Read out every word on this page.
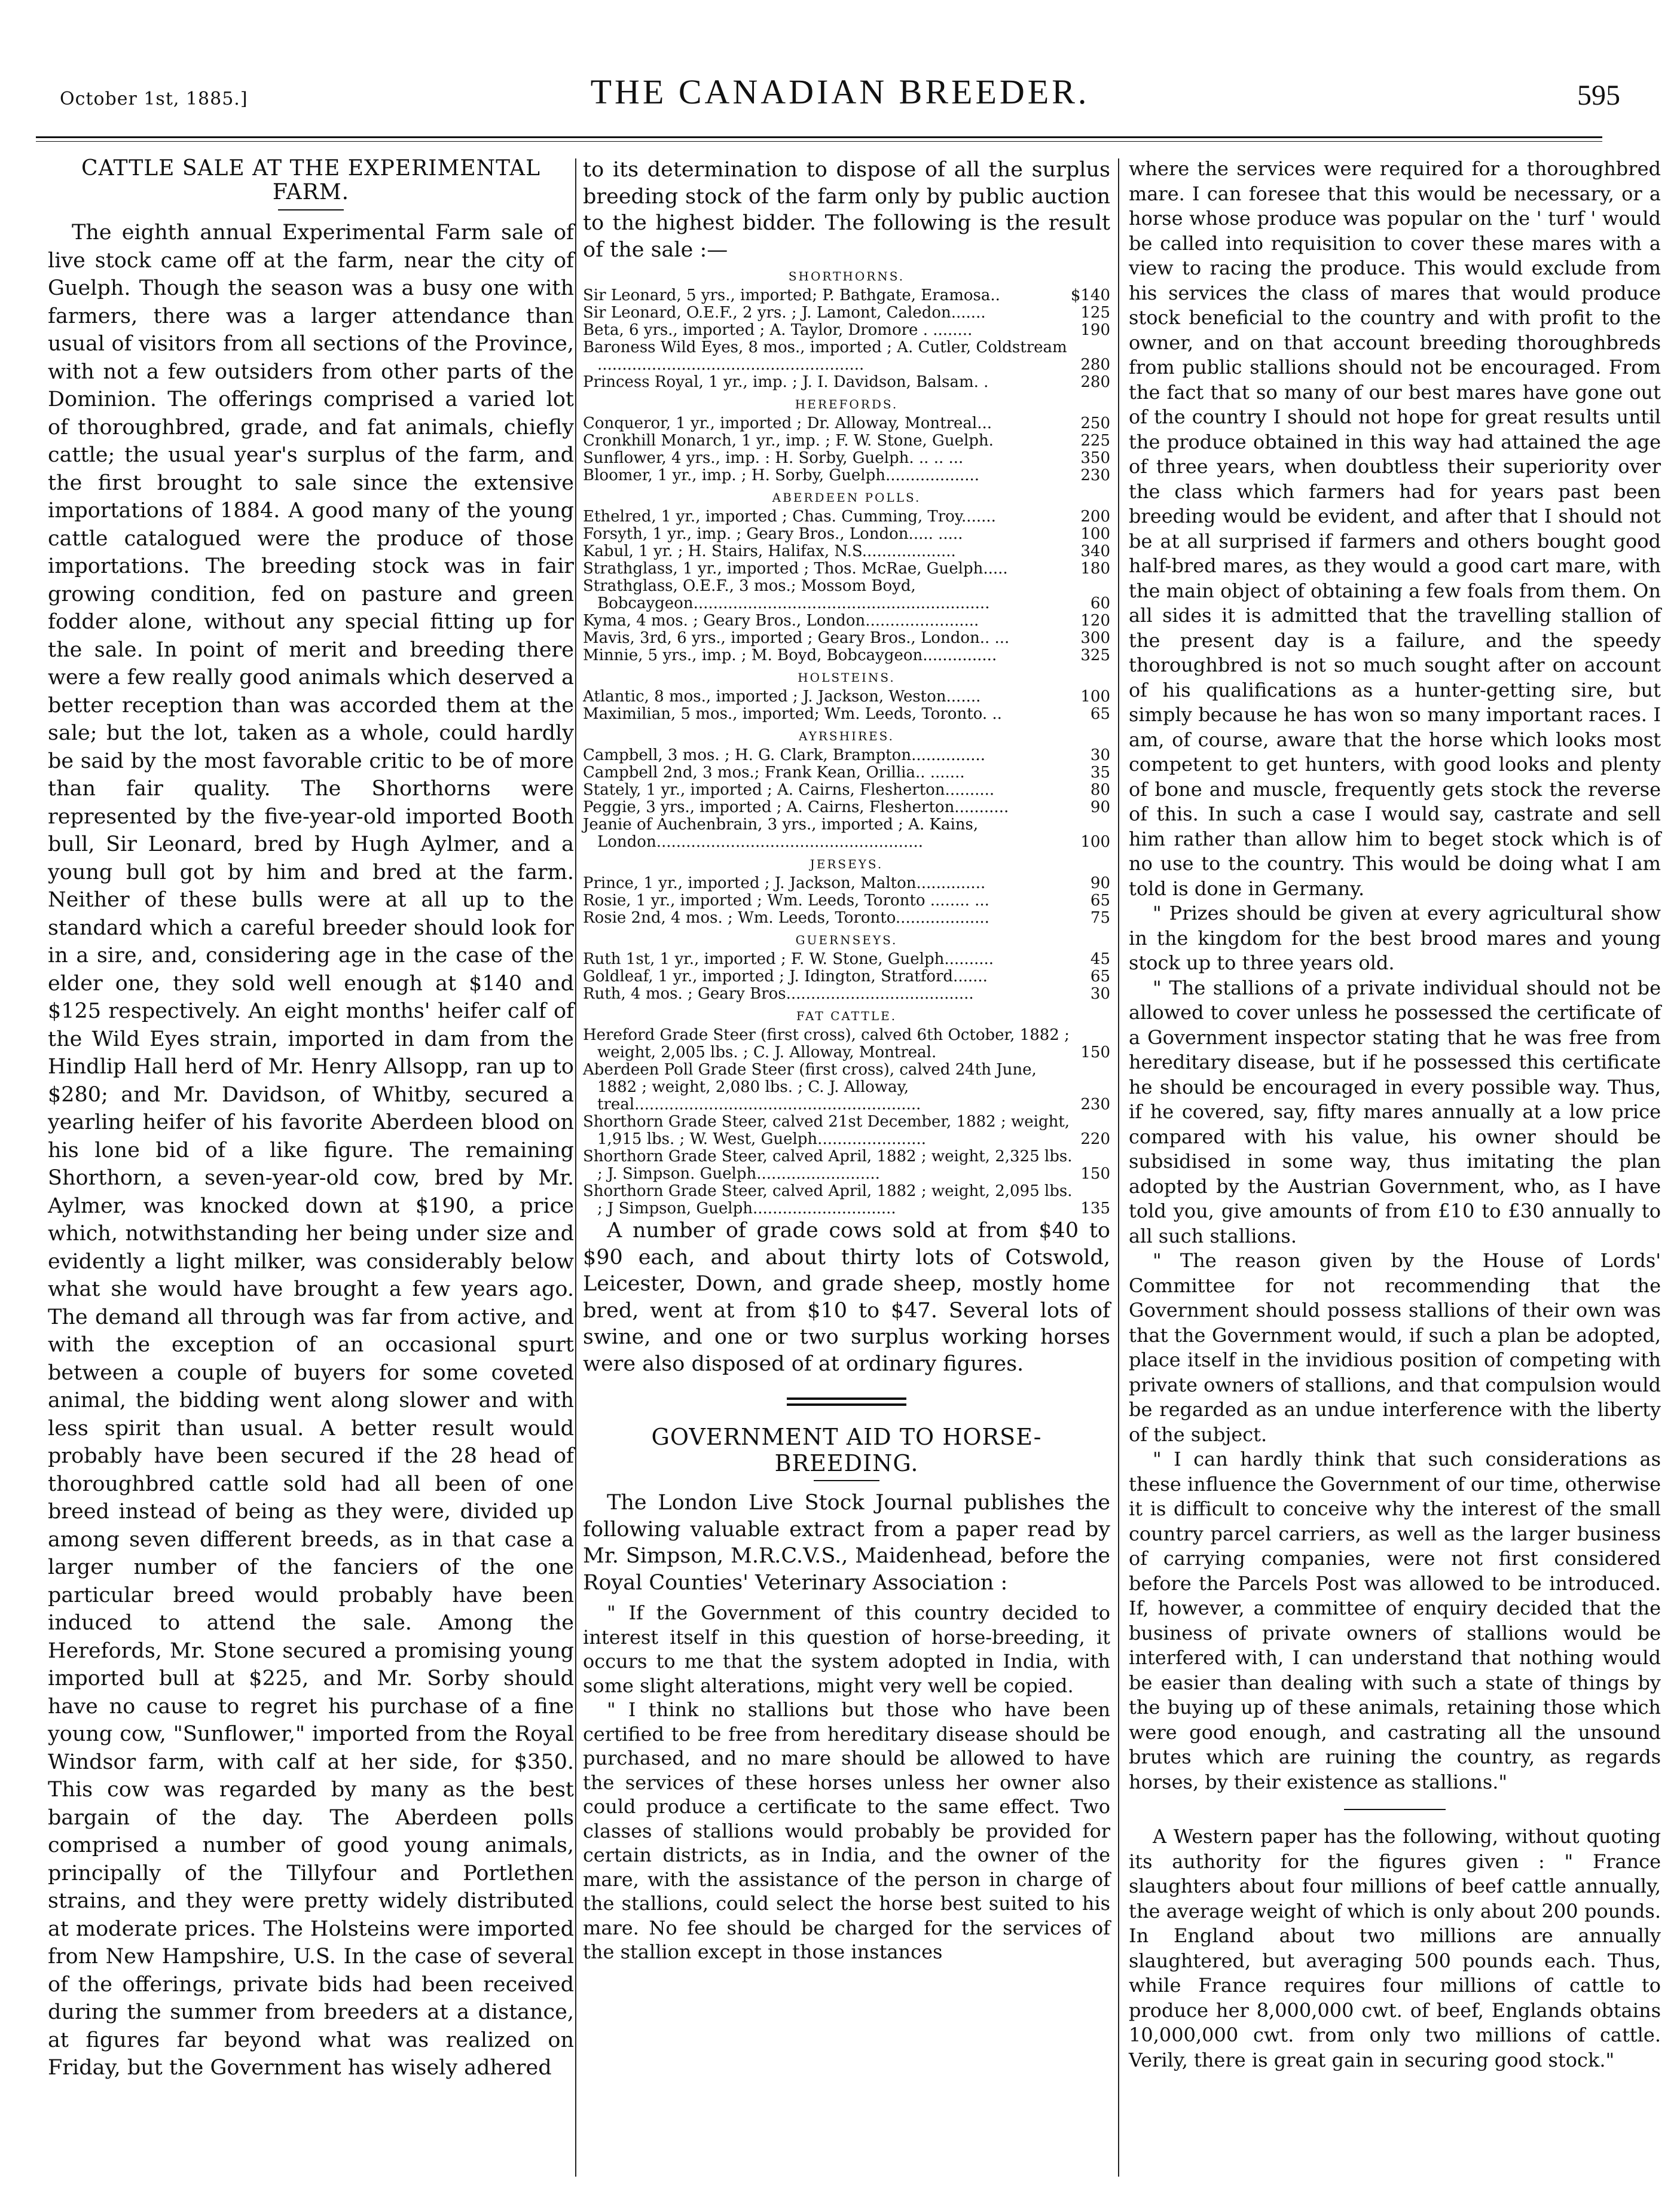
October 1st, 1885.]	THE CANADIAN BREEDER.	595
CATTLE SALE AT THE EXPERIMENTAL FARM.

The eighth annual Experimental Farm sale of live stock came off at the farm, near the city of Guelph. Though the season was a busy one with farmers, there was a larger attendance than usual of visitors from all sections of the Province, with not a few outsiders from other parts of the Dominion. The offerings comprised a varied lot of thoroughbred, grade, and fat animals, chiefly cattle; the usual year's surplus of the farm, and the first brought to sale since the extensive importations of 1884. A good many of the young cattle catalogued were the produce of those importations. The breeding stock was in fair growing condition, fed on pasture and green fodder alone, without any special fitting up for the sale. In point of merit and breeding there were a few really good animals which deserved a better reception than was accorded them at the sale; but the lot, taken as a whole, could hardly be said by the most favorable critic to be of more than fair quality. The Shorthorns were represented by the five-year-old imported Booth bull, Sir Leonard, bred by Hugh Aylmer, and a young bull got by him and bred at the farm. Neither of these bulls were at all up to the standard which a careful breeder should look for in a sire, and, considering age in the case of the elder one, they sold well enough at $140 and $125 respectively. An eight months' heifer calf of the Wild Eyes strain, imported in dam from the Hindlip Hall herd of Mr. Henry Allsopp, ran up to $280; and Mr. Davidson, of Whitby, secured a yearling heifer of his favorite Aberdeen blood on his lone bid of a like figure. The remaining Shorthorn, a seven-year-old cow, bred by Mr. Aylmer, was knocked down at $190, a price which, notwithstanding her being under size and evidently a light milker, was considerably below what she would have brought a few years ago. The demand all through was far from active, and with the exception of an occasional spurt between a couple of buyers for some coveted animal, the bidding went along slower and with less spirit than usual. A better result would probably have been secured if the 28 head of thoroughbred cattle sold had all been of one breed instead of being as they were, divided up among seven different breeds, as in that case a larger number of the fanciers of the one particular breed would probably have been induced to attend the sale. Among the Herefords, Mr. Stone secured a promising young imported bull at $225, and Mr. Sorby should have no cause to regret his purchase of a fine young cow, "Sunflower," imported from the Royal Windsor farm, with calf at her side, for $350. This cow was regarded by many as the best bargain of the day. The Aberdeen polls comprised a number of good young animals, principally of the Tillyfour and Portlethen strains, and they were pretty widely distributed at moderate prices. The Holsteins were imported from New Hampshire, U.S. In the case of several of the offerings, private bids had been received during the summer from breeders at a distance, at figures far beyond what was realized on Friday, but the Government has wisely adhered

to its determination to dispose of all the surplus breeding stock of the farm only by public auction to the highest bidder. The following is the result of the sale :—

SHORTHORNS.
Sir Leonard, 5 yrs., imported; P. Bathgate, Eramosa..	$140
Sir Leonard, O.E.F., 2 yrs. ; J. Lamont, Caledon.......	125
Beta, 6 yrs., imported ; A. Taylor, Dromore . ........	190
Baroness Wild Eyes, 8 mos., imported ; A. Cutler, Coldstream ......................................................	280
Princess Royal, 1 yr., imp. ; J. I. Davidson, Balsam. .	280
HEREFORDS.
Conqueror, 1 yr., imported ; Dr. Alloway, Montreal...	250
Cronkhill Monarch, 1 yr., imp. ; F. W. Stone, Guelph.	225
Sunflower, 4 yrs., imp. : H. Sorby, Guelph. .. .. ...	350
Bloomer, 1 yr., imp. ; H. Sorby, Guelph...................	230
ABERDEEN POLLS.
Ethelred, 1 yr., imported ; Chas. Cumming, Troy.......	200
Forsyth, 1 yr., imp. ; Geary Bros., London..... .....	100
Kabul, 1 yr. ; H. Stairs, Halifax, N.S...................	340
Strathglass, 1 yr., imported ; Thos. McRae, Guelph.....	180
Strathglass, O.E.F., 3 mos.; Mossom Boyd, Bobcaygeon............................................................	60
Kyma, 4 mos. ; Geary Bros., London.......................	120
Mavis, 3rd, 6 yrs., imported ; Geary Bros., London.. ...	300
Minnie, 5 yrs., imp. ; M. Boyd, Bobcaygeon...............	325
HOLSTEINS.
Atlantic, 8 mos., imported ; J. Jackson, Weston.......	100
Maximilian, 5 mos., imported; Wm. Leeds, Toronto. ..	65
AYRSHIRES.
Campbell, 3 mos. ; H. G. Clark, Brampton...............	30
Campbell 2nd, 3 mos.; Frank Kean, Orillia.. .......	35
Stately, 1 yr., imported ; A. Cairns, Flesherton..........	80
Peggie, 3 yrs., imported ; A. Cairns, Flesherton...........	90
Jeanie of Auchenbrain, 3 yrs., imported ; A. Kains, London......................................................	100
JERSEYS.
Prince, 1 yr., imported ; J. Jackson, Malton..............	90
Rosie, 1 yr., imported ; Wm. Leeds, Toronto ........ ...	65
Rosie 2nd, 4 mos. ; Wm. Leeds, Toronto...................	75
GUERNSEYS.
Ruth 1st, 1 yr., imported ; F. W. Stone, Guelph..........	45
Goldleaf, 1 yr., imported ; J. Idington, Stratford.......	65
Ruth, 4 mos. ; Geary Bros......................................	30
FAT CATTLE.
Hereford Grade Steer (first cross), calved 6th October, 1882 ; weight, 2,005 lbs. ; C. J. Alloway, Montreal.	150
Aberdeen Poll Grade Steer (first cross), calved 24th June, 1882 ; weight, 2,080 lbs. ; C. J. Alloway, treal..........................................................	230
Shorthorn Grade Steer, calved 21st December, 1882 ; weight, 1,915 lbs. ; W. West, Guelph......................	220
Shorthorn Grade Steer, calved April, 1882 ; weight, 2,325 lbs. ; J. Simpson. Guelph.........................	150
Shorthorn Grade Steer, calved April, 1882 ; weight, 2,095 lbs. ; J Simpson, Guelph.............................	135

A number of grade cows sold at from $40 to $90 each, and about thirty lots of Cotswold, Leicester, Down, and grade sheep, mostly home bred, went at from $10 to $47. Several lots of swine, and one or two surplus working horses were also disposed of at ordinary figures.

GOVERNMENT AID TO HORSE-BREEDING.

The London Live Stock Journal publishes the following valuable extract from a paper read by Mr. Simpson, M.R.C.V.S., Maidenhead, before the Royal Counties' Veterinary Association :

" If the Government of this country decided to interest itself in this question of horse-breeding, it occurs to me that the system adopted in India, with some slight alterations, might very well be copied.

" I think no stallions but those who have been certified to be free from hereditary disease should be purchased, and no mare should be allowed to have the services of these horses unless her owner also could produce a certificate to the same effect. Two classes of stallions would probably be provided for certain districts, as in India, and the owner of the mare, with the assistance of the person in charge of the stallions, could select the horse best suited to his mare. No fee should be charged for the services of the stallion except in those instances

where the services were required for a thoroughbred mare. I can foresee that this would be necessary, or a horse whose produce was popular on the ' turf ' would be called into requisition to cover these mares with a view to racing the produce. This would exclude from his services the class of mares that would produce stock beneficial to the country and with profit to the owner, and on that account breeding thoroughbreds from public stallions should not be encouraged. From the fact that so many of our best mares have gone out of the country I should not hope for great results until the produce obtained in this way had attained the age of three years, when doubtless their superiority over the class which farmers had for years past been breeding would be evident, and after that I should not be at all surprised if farmers and others bought good half-bred mares, as they would a good cart mare, with the main object of obtaining a few foals from them. On all sides it is admitted that the travelling stallion of the present day is a failure, and the speedy thoroughbred is not so much sought after on account of his qualifications as a hunter-getting sire, but simply because he has won so many important races. I am, of course, aware that the horse which looks most competent to get hunters, with good looks and plenty of bone and muscle, frequently gets stock the reverse of this. In such a case I would say, castrate and sell him rather than allow him to beget stock which is of no use to the country. This would be doing what I am told is done in Germany.

" Prizes should be given at every agricultural show in the kingdom for the best brood mares and young stock up to three years old.

" The stallions of a private individual should not be allowed to cover unless he possessed the certificate of a Government inspector stating that he was free from hereditary disease, but if he possessed this certificate he should be encouraged in every possible way. Thus, if he covered, say, fifty mares annually at a low price compared with his value, his owner should be subsidised in some way, thus imitating the plan adopted by the Austrian Government, who, as I have told you, give amounts of from £10 to £30 annually to all such stallions.

" The reason given by the House of Lords' Committee for not recommending that the Government should possess stallions of their own was that the Government would, if such a plan be adopted, place itself in the invidious position of competing with private owners of stallions, and that compulsion would be regarded as an undue interference with the liberty of the subject.

" I can hardly think that such considerations as these influence the Government of our time, otherwise it is difficult to conceive why the interest of the small country parcel carriers, as well as the larger business of carrying companies, were not first considered before the Parcels Post was allowed to be introduced. If, however, a committee of enquiry decided that the business of private owners of stallions would be interfered with, I can understand that nothing would be easier than dealing with such a state of things by the buying up of these animals, retaining those which were good enough, and castrating all the unsound brutes which are ruining the country, as regards horses, by their existence as stallions."

A Western paper has the following, without quoting its authority for the figures given : " France slaughters about four millions of beef cattle annually, the average weight of which is only about 200 pounds. In England about two millions are annually slaughtered, but averaging 500 pounds each. Thus, while France requires four millions of cattle to produce her 8,000,000 cwt. of beef, Englands obtains 10,000,000 cwt. from only two millions of cattle. Verily, there is great gain in securing good stock."
